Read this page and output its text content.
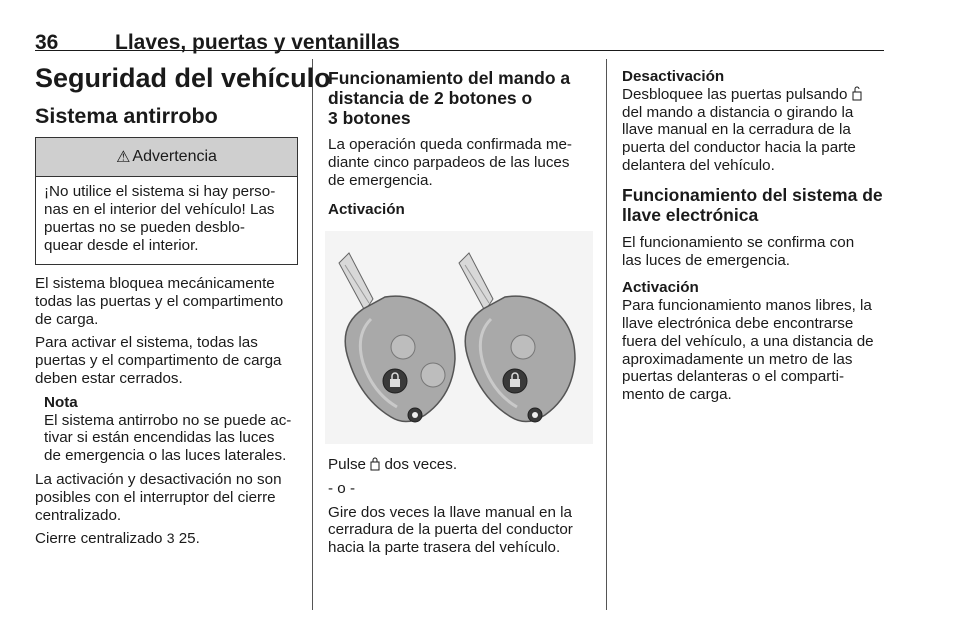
36	Llaves, puertas y ventanillas
Seguridad del vehículo
Sistema antirrobo
⚠ Advertencia
¡No utilice el sistema si hay perso-
nas en el interior del vehículo! Las
puertas no se pueden desblo-
quear desde el interior.

El sistema bloquea mecánicamente
todas las puertas y el compartimento
de carga.

Para activar el sistema, todas las
puertas y el compartimento de carga
deben estar cerrados.

Nota
El sistema antirrobo no se puede ac-
tivar si están encendidas las luces
de emergencia o las luces laterales.

La activación y desactivación no son
posibles con el interruptor del cierre
centralizado.

Cierre centralizado 3 25.

Funcionamiento del mando a
distancia de 2 botones o
3 botones

La operación queda confirmada me-
diante cinco parpadeos de las luces
de emergencia.

Activación

Pulse dos veces.

- o -

Gire dos veces la llave manual en la
cerradura de la puerta del conductor
hacia la parte trasera del vehículo.

Desactivación

Desbloquee las puertas pulsando
del mando a distancia o girando la
llave manual en la cerradura de la
puerta del conductor hacia la parte
delantera del vehículo.

Funcionamiento del sistema de
llave electrónica

El funcionamiento se confirma con
las luces de emergencia.

Activación

Para funcionamiento manos libres, la
llave electrónica debe encontrarse
fuera del vehículo, a una distancia de
aproximadamente un metro de las
puertas delanteras o el comparti-
mento de carga.
